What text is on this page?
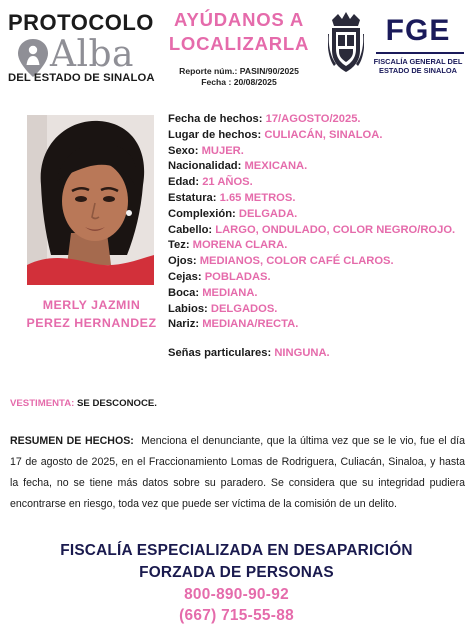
PROTOCOLO
Alba
DEL ESTADO DE SINALOA
AYÚDANOS A
LOCALIZARLA
Reporte núm.: PASIN/90/2025
Fecha : 20/08/2025
FGE
FISCALÍA GENERAL DEL
ESTADO DE SINALOA
MERLY JAZMIN
PEREZ HERNANDEZ
Fecha de hechos: 17/AGOSTO/2025.
Lugar de hechos: CULIACÁN, SINALOA.
Sexo: MUJER.
Nacionalidad: MEXICANA.
Edad: 21 AÑOS.
Estatura: 1.65 METROS.
Complexión: DELGADA.
Cabello: LARGO, ONDULADO, COLOR NEGRO/ROJO.
Tez: MORENA CLARA.
Ojos: MEDIANOS, COLOR CAFÉ CLAROS.
Cejas: POBLADAS.
Boca: MEDIANA.
Labios: DELGADOS.
Nariz: MEDIANA/RECTA.
Señas particulares: NINGUNA.
VESTIMENTA: SE DESCONOCE.
RESUMEN DE HECHOS: Menciona el denunciante, que la última vez que se le vio, fue el día 17 de agosto de 2025, en el Fraccionamiento Lomas de Rodriguera, Culiacán, Sinaloa, y hasta la fecha, no se tiene más datos sobre su paradero. Se considera que su integridad pudiera encontrarse en riesgo, toda vez que puede ser víctima de la comisión de un delito.
FISCALÍA ESPECIALIZADA EN DESAPARICIÓN
FORZADA DE PERSONAS
800-890-90-92
(667) 715-55-88
